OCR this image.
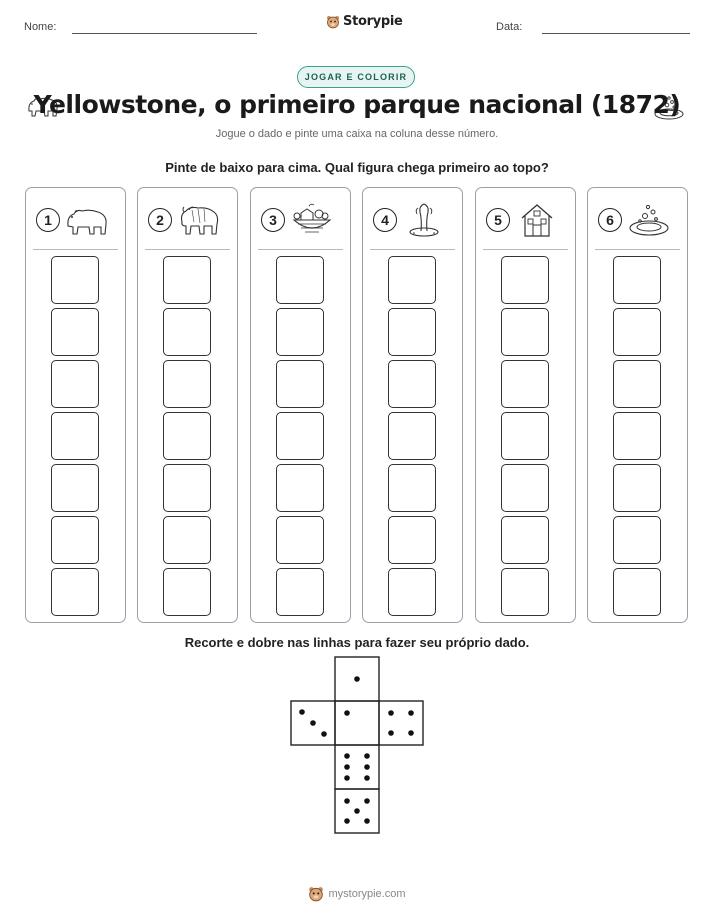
Nome:	Storypie	Data:
JOGAR E COLORIR
Yellowstone, o primeiro parque nacional (1872)
Jogue o dado e pinte uma caixa na coluna desse número.
Pinte de baixo para cima. Qual figura chega primeiro ao topo?
1	2	3	4	5	6
Recorte e dobre nas linhas para fazer seu próprio dado.
mystorypie.com
